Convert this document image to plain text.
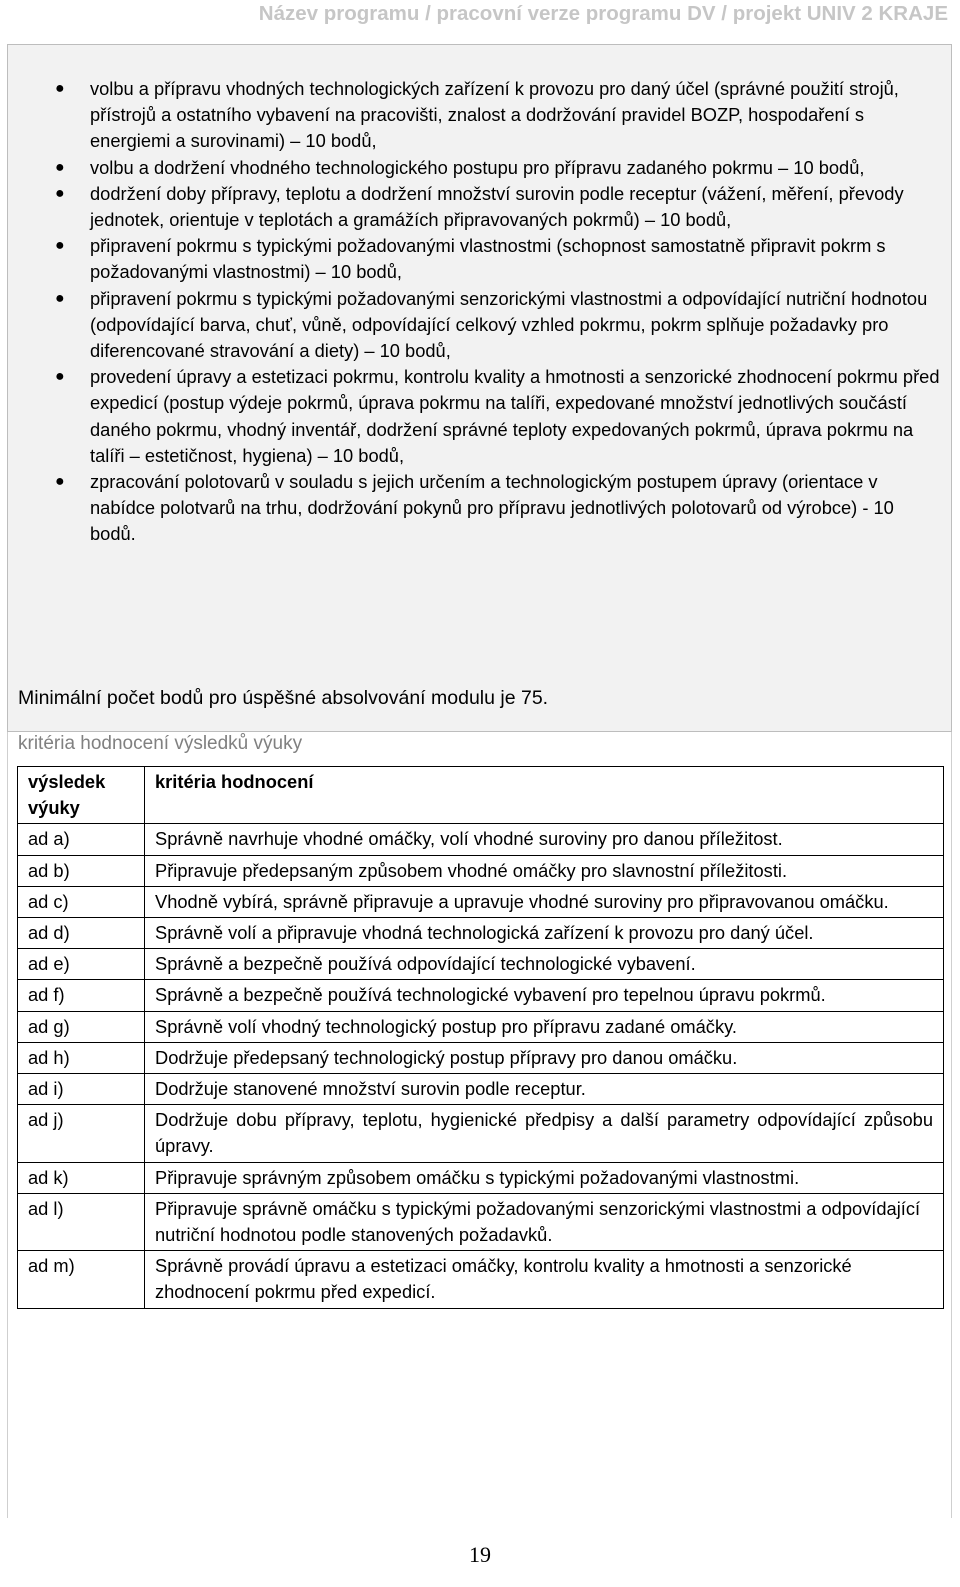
Název programu / pracovní verze programu DV / projekt UNIV 2 KRAJE
● volbu a přípravu vhodných technologických zařízení k provozu pro daný účel (správné použití strojů, přístrojů a ostatního vybavení na pracovišti, znalost a dodržování pravidel BOZP, hospodaření s energiemi a surovinami) – 10 bodů,
● volbu a dodržení vhodného technologického postupu pro přípravu zadaného pokrmu – 10 bodů,
● dodržení doby přípravy, teplotu a dodržení množství surovin podle receptur (vážení, měření, převody jednotek, orientuje v teplotách a gramážích připravovaných pokrmů) – 10 bodů,
● připravení pokrmu s typickými požadovanými vlastnostmi (schopnost samostatně připravit pokrm s požadovanými vlastnostmi) – 10 bodů,
● připravení pokrmu s typickými požadovanými senzorickými vlastnostmi a odpovídající nutriční hodnotou (odpovídající barva, chuť, vůně, odpovídající celkový vzhled pokrmu, pokrm splňuje požadavky pro diferencované stravování a diety) – 10 bodů,
● provedení úpravy a estetizaci pokrmu, kontrolu kvality a hmotnosti a senzorické zhodnocení pokrmu před expedicí (postup výdeje pokrmů, úprava pokrmu na talíři, expedované množství jednotlivých součástí daného pokrmu, vhodný inventář, dodržení správné teploty expedovaných pokrmů, úprava pokrmu na talíři – estetičnost, hygiena) – 10 bodů,
● zpracování polotovarů v souladu s jejich určením a technologickým postupem úpravy (orientace v nabídce polotvarů na trhu, dodržování pokynů pro přípravu jednotlivých polotovarů od výrobce) - 10 bodů.
Minimální počet bodů pro úspěšné absolvování modulu je 75.
kritéria hodnocení výsledků výuky
výsledek výuky	kritéria hodnocení
ad a)	Správně navrhuje vhodné omáčky, volí vhodné suroviny pro danou příležitost.
ad b)	Připravuje předepsaným způsobem vhodné omáčky pro slavnostní příležitosti.
ad c)	Vhodně vybírá, správně připravuje a upravuje vhodné suroviny pro připravovanou omáčku.
ad d)	Správně volí a připravuje vhodná technologická zařízení k provozu pro daný účel.
ad e)	Správně a bezpečně používá odpovídající technologické vybavení.
ad f)	Správně a bezpečně používá technologické vybavení pro tepelnou úpravu pokrmů.
ad g)	Správně volí vhodný technologický postup pro přípravu zadané omáčky.
ad h)	Dodržuje předepsaný technologický postup přípravy pro danou omáčku.
ad i)	Dodržuje stanovené množství surovin podle receptur.
ad j)	Dodržuje dobu přípravy, teplotu, hygienické předpisy a další parametry odpovídající způsobu úpravy.
ad k)	Připravuje správným způsobem omáčku s typickými požadovanými vlastnostmi.
ad l)	Připravuje správně omáčku s typickými požadovanými senzorickými vlastnostmi a odpovídající nutriční hodnotou podle stanovených požadavků.
ad m)	Správně provádí úpravu a estetizaci omáčky, kontrolu kvality a hmotnosti a senzorické zhodnocení pokrmu před expedicí.
19
